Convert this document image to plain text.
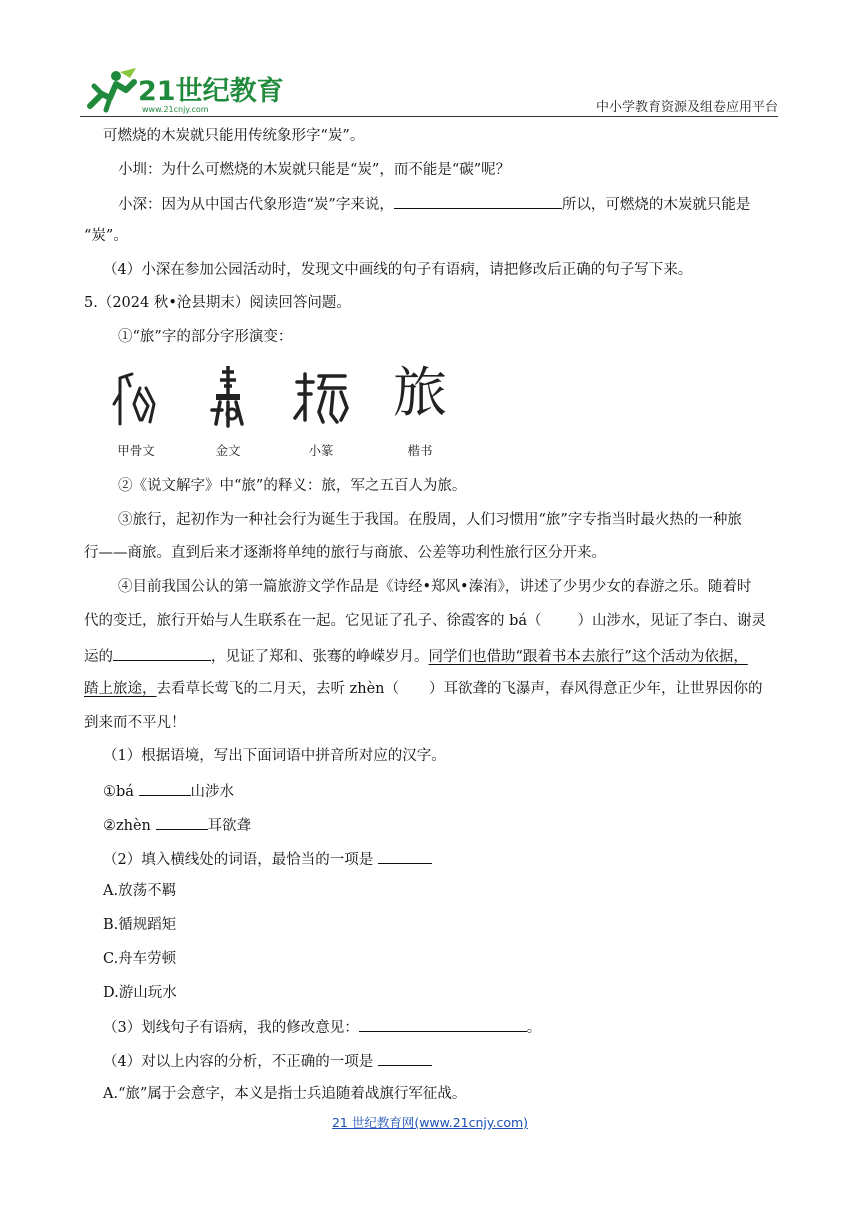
21世纪教育
www.21cnjy.com	中小学教育资源及组卷应用平台
可燃烧的木炭就只能用传统象形字“炭”。
小圳：为什么可燃烧的木炭就只能是“炭”，而不能是“碳”呢？
小深：因为从中国古代象形造“炭”字来说，	所以，可燃烧的木炭就只能是
“炭”。
（4）小深在参加公园活动时，发现文中画线的句子有语病，请把修改后正确的句子写下来。
5.（2024 秋•沧县期末）阅读回答问题。
①“旅”字的部分字形演变：
甲骨文	金文	小篆
旅
楷书
②《说文解字》中“旅”的释义：旅，军之五百人为旅。
③旅行，起初作为一种社会行为诞生于我国。在殷周，人们习惯用“旅”字专指当时最火热的一种旅
行——商旅。直到后来才逐渐将单纯的旅行与商旅、公差等功利性旅行区分开来。
④目前我国公认的第一篇旅游文学作品是《诗经•郑风•溱洧》，讲述了少男少女的春游之乐。随着时
代的变迁，旅行开始与人生联系在一起。它见证了孔子、徐霞客的 bá（ ）山涉水，见证了李白、谢灵
运的	，见证了郑和、张骞的峥嵘岁月。同学们也借助“跟着书本去旅行”这个活动为依据，
踏上旅途，去看草长莺飞的二月天，去听 zhèn（ ）耳欲聋的飞瀑声，春风得意正少年，让世界因你的
到来而不平凡！
（1）根据语境，写出下面词语中拼音所对应的汉字。
①bá	山涉水
②zhèn	耳欲聋
（2）填入横线处的词语，最恰当的一项是
A.放荡不羁
B.循规蹈矩
C.舟车劳顿
D.游山玩水
（3）划线句子有语病，我的修改意见：	。
（4）对以上内容的分析，不正确的一项是
A.“旅”属于会意字，本义是指士兵追随着战旗行军征战。
21 世纪教育网(www.21cnjy.com)
